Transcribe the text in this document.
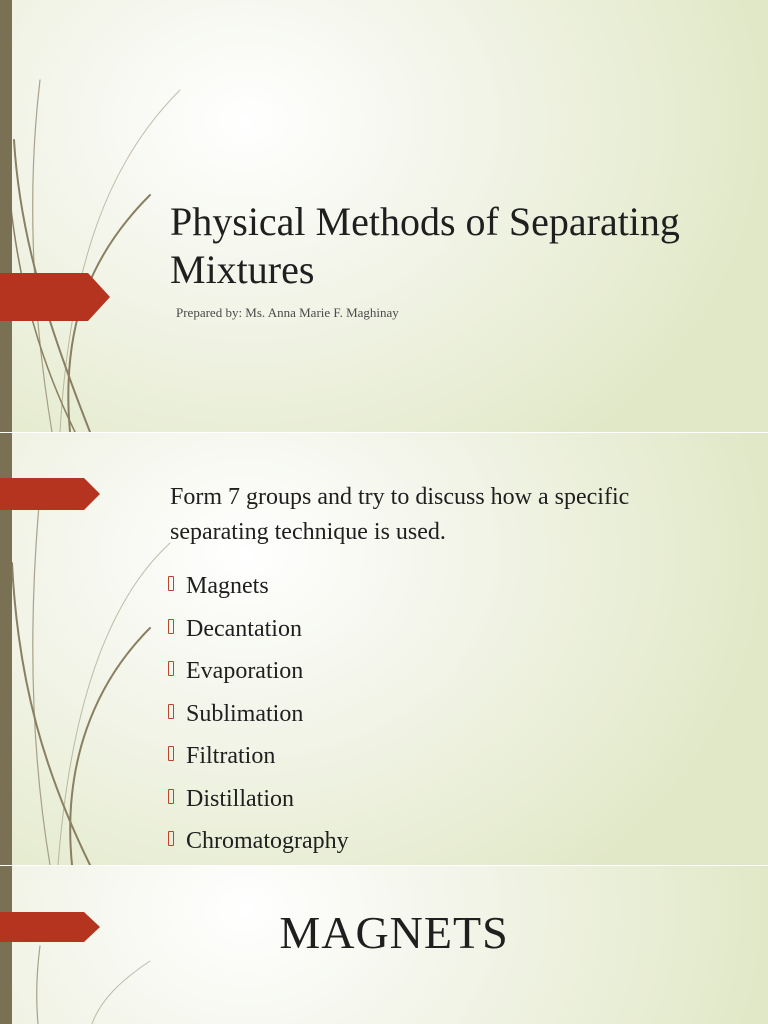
Physical Methods of Separating Mixtures
Prepared by: Ms. Anna Marie F. Maghinay
Form 7 groups and try to discuss how a specific separating technique is used.
Magnets
Decantation
Evaporation
Sublimation
Filtration
Distillation
Chromatography
MAGNETS
